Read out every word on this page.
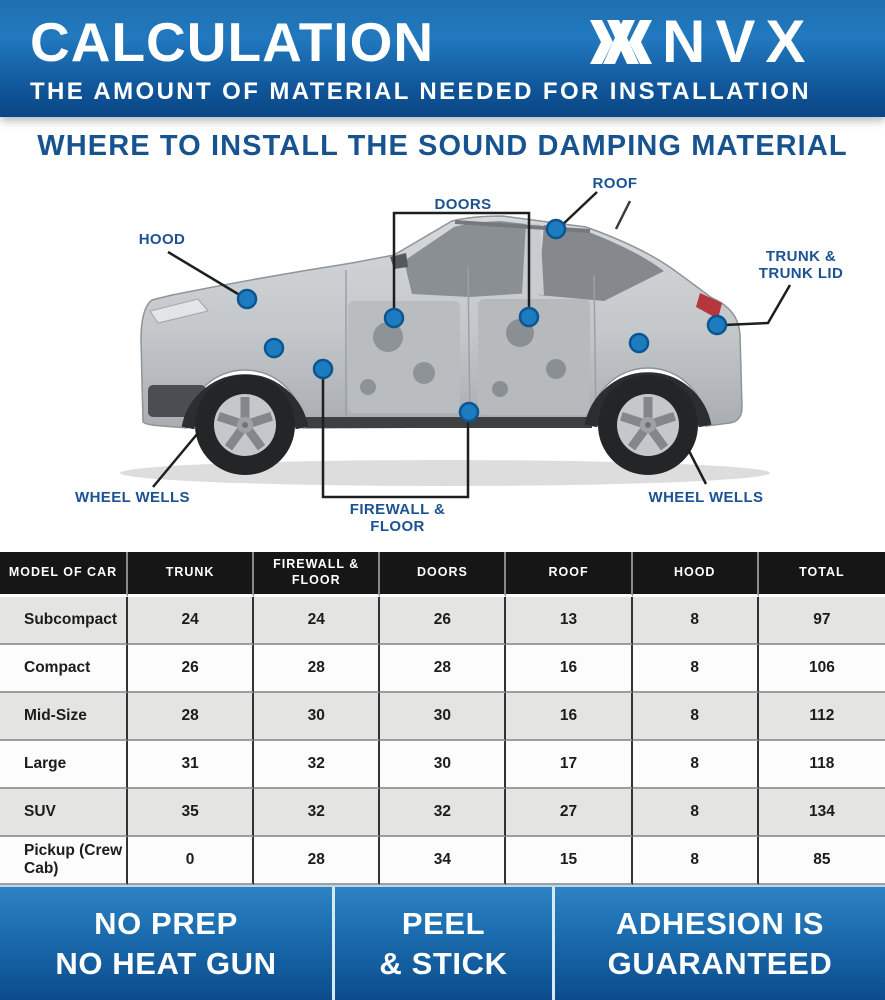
CALCULATION	NVX
THE AMOUNT OF MATERIAL NEEDED FOR INSTALLATION
WHERE TO INSTALL THE SOUND DAMPING MATERIAL
ROOF
DOORS
HOOD
TRUNK &
TRUNK LID
WHEEL WELLS	WHEEL WELLS
FIREWALL &
FLOOR
MODEL OF CAR	TRUNK	FIREWALL & FLOOR	DOORS	ROOF	HOOD	TOTAL
Subcompact	24	24	26	13	8	97
Compact	26	28	28	16	8	106
Mid-Size	28	30	30	16	8	112
Large	31	32	30	17	8	118
SUV	35	32	32	27	8	134
Pickup (Crew Cab)	0	28	34	15	8	85
NO PREP
NO HEAT GUN
PEEL
& STICK
ADHESION IS
GUARANTEED
